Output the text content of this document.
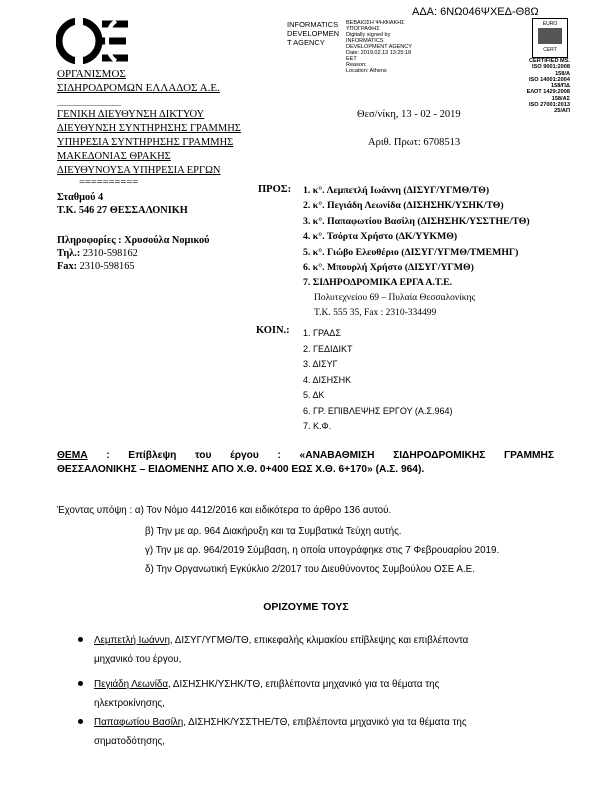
ΑΔΑ: 6ΝΩ046ΨΧΕΔ-Θ8Ω
INFORMATICS
DEVELOPMEN
T AGENCY
BEBAIOΣH ΨHΦIAKHΣ
YΠOΓPAΦHΣ
Digitally signed by INFORMATICS
DEVELOPMENT AGENCY
Date: 2019.02.13 13:25:18
EET
Reason:
Location: Athens
EURO
CERT
CERTIFIED MS.
ISO 9001:2008
158/A
ISO 14001:2004
158/ΠΔ
ΕΛΟΤ 1429:2008
158/ΑΣ
ISO 27001:2013
25/ΑΠ
ΟΡΓΑΝΙΣΜΟΣ
ΣΙΔΗΡΟΔΡΟΜΩΝ ΕΛΛΑΔΟΣ Α.Ε.
................................
ΓΕΝΙΚΗ ΔΙΕΥΘΥΝΣΗ ΔΙΚΤΥΟΥ
ΔΙΕΥΘΥΝΣΗ ΣΥΝΤΗΡΗΣΗΣ ΓΡΑΜΜΗΣ
ΥΠΗΡΕΣΙΑ ΣΥΝΤΗΡΗΣΗΣ ΓΡΑΜΜΗΣ
ΜΑΚΕΔΟΝΙΑΣ ΘΡΑΚΗΣ
ΔΙΕΥΘΥΝΟΥΣΑ ΥΠΗΡΕΣΙΑ ΕΡΓΩΝ
==========
Θεσ/νίκη, 13 - 02 - 2019
Αριθ. Πρωτ: 6708513
Σταθμού 4
Τ.Κ. 546 27 ΘΕΣΣΑΛΟΝΙΚΗ
Πληροφορίες : Χρυσούλα Νομικού
Τηλ.: 2310-598162
Fax: 2310-598165
ΠΡΟΣ: 1. κ°. Λεμπετλή Ιωάννη (ΔΙΣΥΓ/ΥΓΜΘ/ΤΘ)
2. κ°. Πεγιάδη Λεωνίδα (ΔΙΣΗΣΗΚ/ΥΣΗΚ/ΤΘ)
3. κ°. Παπαφωτίου Βασίλη (ΔΙΣΗΣΗΚ/ΥΣΣΤΗΕ/ΤΘ)
4. κ°. Τσόρτα Χρήστο (ΔΚ/ΥΥΚΜΘ)
5. κ°. Γιώβο Ελευθέριο (ΔΙΣΥΓ/ΥΓΜΘ/ΤΜΕΜΗΓ)
6. κ°. Μπουρλή Χρήστο (ΔΙΣΥΓ/ΥΓΜΘ)
7. ΣΙΔΗΡΟΔΡΟΜΙΚΑ ΕΡΓΑ Α.Τ.Ε.
Πολυτεχνείου 69 – Πυλαία Θεσσαλονίκης
Τ.Κ. 555 35, Fax : 2310-334499
ΚΟΙΝ.: 1. ΓΡΑΔΣ
2. ΓΕΔΙΔΙΚΤ
3. ΔΙΣΥΓ
4. ΔΙΣΗΣΗΚ
5. ΔΚ
6. ΓΡ. ΕΠΙΒΛΕΨΗΣ ΕΡΓΟΥ (Α.Σ.964)
7. Κ.Φ.
ΘΕΜΑ : Επίβλεψη του έργου : «ΑΝΑΒΑΘΜΙΣΗ ΣΙΔΗΡΟΔΡΟΜΙΚΗΣ ΓΡΑΜΜΗΣ
ΘΕΣΣΑΛΟΝΙΚΗΣ – ΕΙΔΟΜΕΝΗΣ ΑΠΟ Χ.Θ. 0+400 ΕΩΣ Χ.Θ. 6+170» (Α.Σ. 964).
Έχοντας υπόψη : α) Τον Νόμο 4412/2016 και ειδικότερα το άρθρο 136 αυτού.
β) Την με αρ. 964 Διακήρυξη και τα Συμβατικά Τεύχη αυτής.
γ) Την με αρ. 964/2019 Σύμβαση, η οποία υπογράφηκε στις 7 Φεβρουαρίου 2019.
δ) Την Οργανωτική Εγκύκλιο 2/2017 του Διευθύνοντος Συμβούλου ΟΣΕ Α.Ε.
ΟΡΙΖΟΥΜΕ ΤΟΥΣ
Λεμπετλή Ιωάννη, ΔΙΣΥΓ/ΥΓΜΘ/ΤΘ, επικεφαλής κλιμακίου επίβλεψης και επιβλέποντα
μηχανικό του έργου,
Πεγιάδη Λεωνίδα, ΔΙΣΗΣΗΚ/ΥΣΗΚ/ΤΘ, επιβλέποντα μηχανικό για τα θέματα της
ηλεκτροκίνησης,
Παπαφωτίου Βασίλη, ΔΙΣΗΣΗΚ/ΥΣΣΤΗΕ/ΤΘ, επιβλέποντα μηχανικό για τα θέματα της
σηματοδότησης,
